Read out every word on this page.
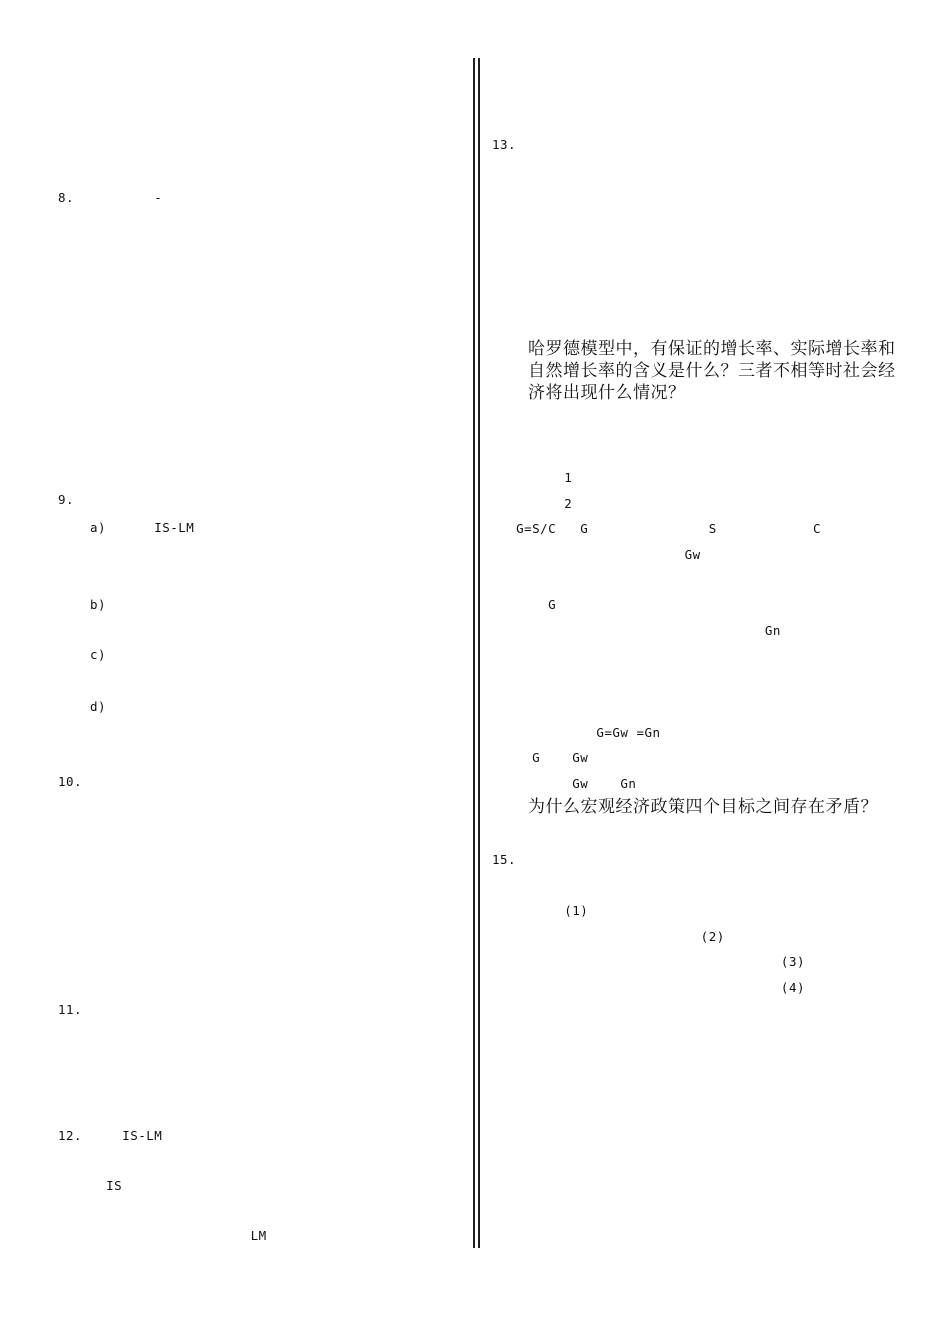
8.          -
9.
a)      IS-LM
b)
c)
d)
10.
11.
12.     IS-LM
IS
LM
13.
哈罗德模型中，有保证的增长率、实际增长率和自然增长率的含义是什么？三者不相等时社会经济将出现什么情况？
1
2
G=S/C   G               S            C
Gw
G
Gn
G=Gw =Gn
G    Gw
Gw    Gn
为什么宏观经济政策四个目标之间存在矛盾？
15.
(1)
(2)
(3)
(4)
